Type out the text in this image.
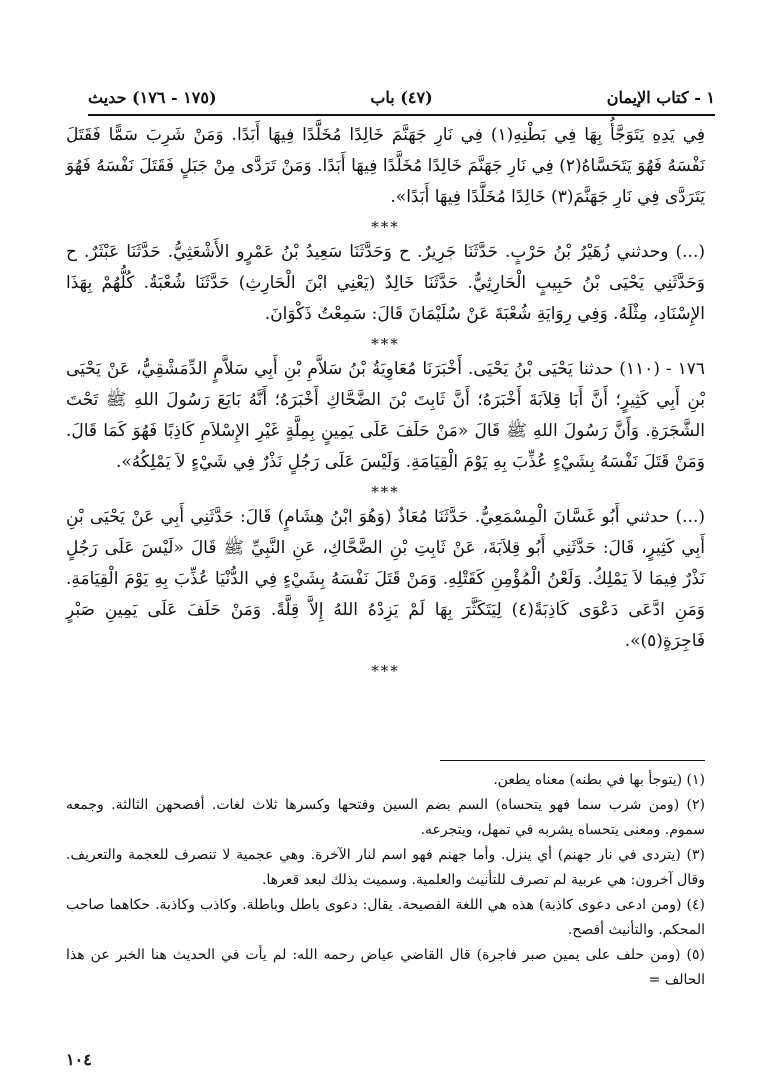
١ - كتاب الإيمان
(٤٧) باب
(١٧٥ - ١٧٦) حديث

فِي يَدِهِ يَتَوَجَّأُ بِهَا فِي بَطْنِهِ(١) فِي نَارِ جَهَنَّمَ خَالِدًا مُخَلَّدًا فِيهَا أَبَدًا. وَمَنْ شَرِبَ سَمًّا فَقَتَلَ نَفْسَهُ فَهُوَ يَتَحَسَّاهُ(٢) فِي نَارِ جَهَنَّمَ خَالِدًا مُخَلَّدًا فِيهَا أَبَدًا. وَمَنْ تَرَدَّى مِنْ جَبَلٍ فَقَتَلَ نَفْسَهُ فَهُوَ يَتَرَدَّى فِي نَارِ جَهَنَّمَ(٣) خَالِدًا مُخَلَّدًا فِيهَا أَبَدًا».

***

(...) وحدثني زُهَيْرُ بْنُ حَرْبٍ. حَدَّثَنَا جَرِيرٌ. ح وَحَدَّثَنَا سَعِيدُ بْنُ عَمْرٍو الأَشْعَثِيُّ. حَدَّثَنَا عَبْثَرٌ. ح وَحَدَّثَنِي يَحْيَى بْنُ حَبِيبٍ الْحَارِثِيُّ. حَدَّثَنَا خَالِدٌ (يَعْنِي ابْنَ الْحَارِثِ) حَدَّثَنَا شُعْبَةُ. كُلُّهُمْ بِهَذَا الإِسْنَادِ، مِثْلَهُ. وَفِي رِوَايَةِ شُعْبَةَ عَنْ سُلَيْمَانَ قَالَ: سَمِعْتُ ذَكْوَانَ.

***

١٧٦ - (١١٠) حدثنا يَحْيَى بْنُ يَحْيَى. أَخْبَرَنَا مُعَاوِيَةُ بْنُ سَلاَّمِ بْنِ أَبِي سَلاَّمٍ الدِّمَشْقِيُّ، عَنْ يَحْيَى بْنِ أَبِي كَثِيرٍ؛ أَنَّ أَبَا قِلاَبَةَ أَخْبَرَهُ؛ أَنَّ ثَابِتَ بْنَ الضَّحَّاكِ أَخْبَرَهُ؛ أَنَّهُ بَايَعَ رَسُولَ اللهِ ﷺ تَحْتَ الشَّجَرَةِ. وَأَنَّ رَسُولَ اللهِ ﷺ قَالَ «مَنْ حَلَفَ عَلَى يَمِينٍ بِمِلَّةٍ غَيْرِ الإِسْلاَمِ كَاذِبًا فَهُوَ كَمَا قَالَ. وَمَنْ قَتَلَ نَفْسَهُ بِشَيْءٍ عُذِّبَ بِهِ يَوْمَ الْقِيَامَةِ. وَلَيْسَ عَلَى رَجُلٍ نَذْرٌ فِي شَيْءٍ لاَ يَمْلِكُهُ».

***

(...) حدثني أَبُو غَسَّانَ الْمِسْمَعِيُّ. حَدَّثَنَا مُعَاذٌ (وَهُوَ ابْنُ هِشَامٍ) قَالَ: حَدَّثَنِي أَبِي عَنْ يَحْيَى بْنِ أَبِي كَثِيرٍ، قَالَ: حَدَّثَنِي أَبُو قِلاَبَةَ، عَنْ ثَابِتِ بْنِ الضَّحَّاكِ، عَنِ النَّبِيِّ ﷺ قَالَ «لَيْسَ عَلَى رَجُلٍ نَذْرٌ فِيمَا لاَ يَمْلِكُ. وَلَعْنُ الْمُؤْمِنِ كَقَتْلِهِ. وَمَنْ قَتَلَ نَفْسَهُ بِشَيْءٍ فِي الدُّنْيَا عُذِّبَ بِهِ يَوْمَ الْقِيَامَةِ. وَمَنِ ادَّعَى دَعْوَى كَاذِبَةً(٤) لِيَتَكَثَّرَ بِهَا لَمْ يَزِدْهُ اللهُ إِلاَّ قِلَّةً. وَمَنْ حَلَفَ عَلَى يَمِينِ صَبْرٍ فَاجِرَةٍ(٥)».

***

(١) (يتوجأ بها في بطنه) معناه يطعن.

(٢) (ومن شرب سما فهو يتحساه) السم بضم السين وفتحها وكسرها ثلاث لغات. أفصحهن الثالثة. وجمعه سموم. ومعنى يتحساه يشربه في تمهل، ويتجرعه.

(٣) (يتردى في نار جهنم) أي ينزل. وأما جهنم فهو اسم لنار الآخرة. وهي عجمية لا تنصرف للعجمة والتعريف. وقال آخرون: هي عربية لم تصرف للتأنيث والعلمية. وسميت بذلك لبعد قعرها.

(٤) (ومن ادعى دعوى كاذبة) هذه هي اللغة الفصيحة. يقال: دعوى باطل وباطلة. وكاذب وكاذبة. حكاهما صاحب المحكم. والتأنيث أفصح.

(٥) (ومن حلف على يمين صبر فاجرة) قال القاضي عياض رحمه الله: لم يأت في الحديث هنا الخبر عن هذا الحالف =

١٠٤
